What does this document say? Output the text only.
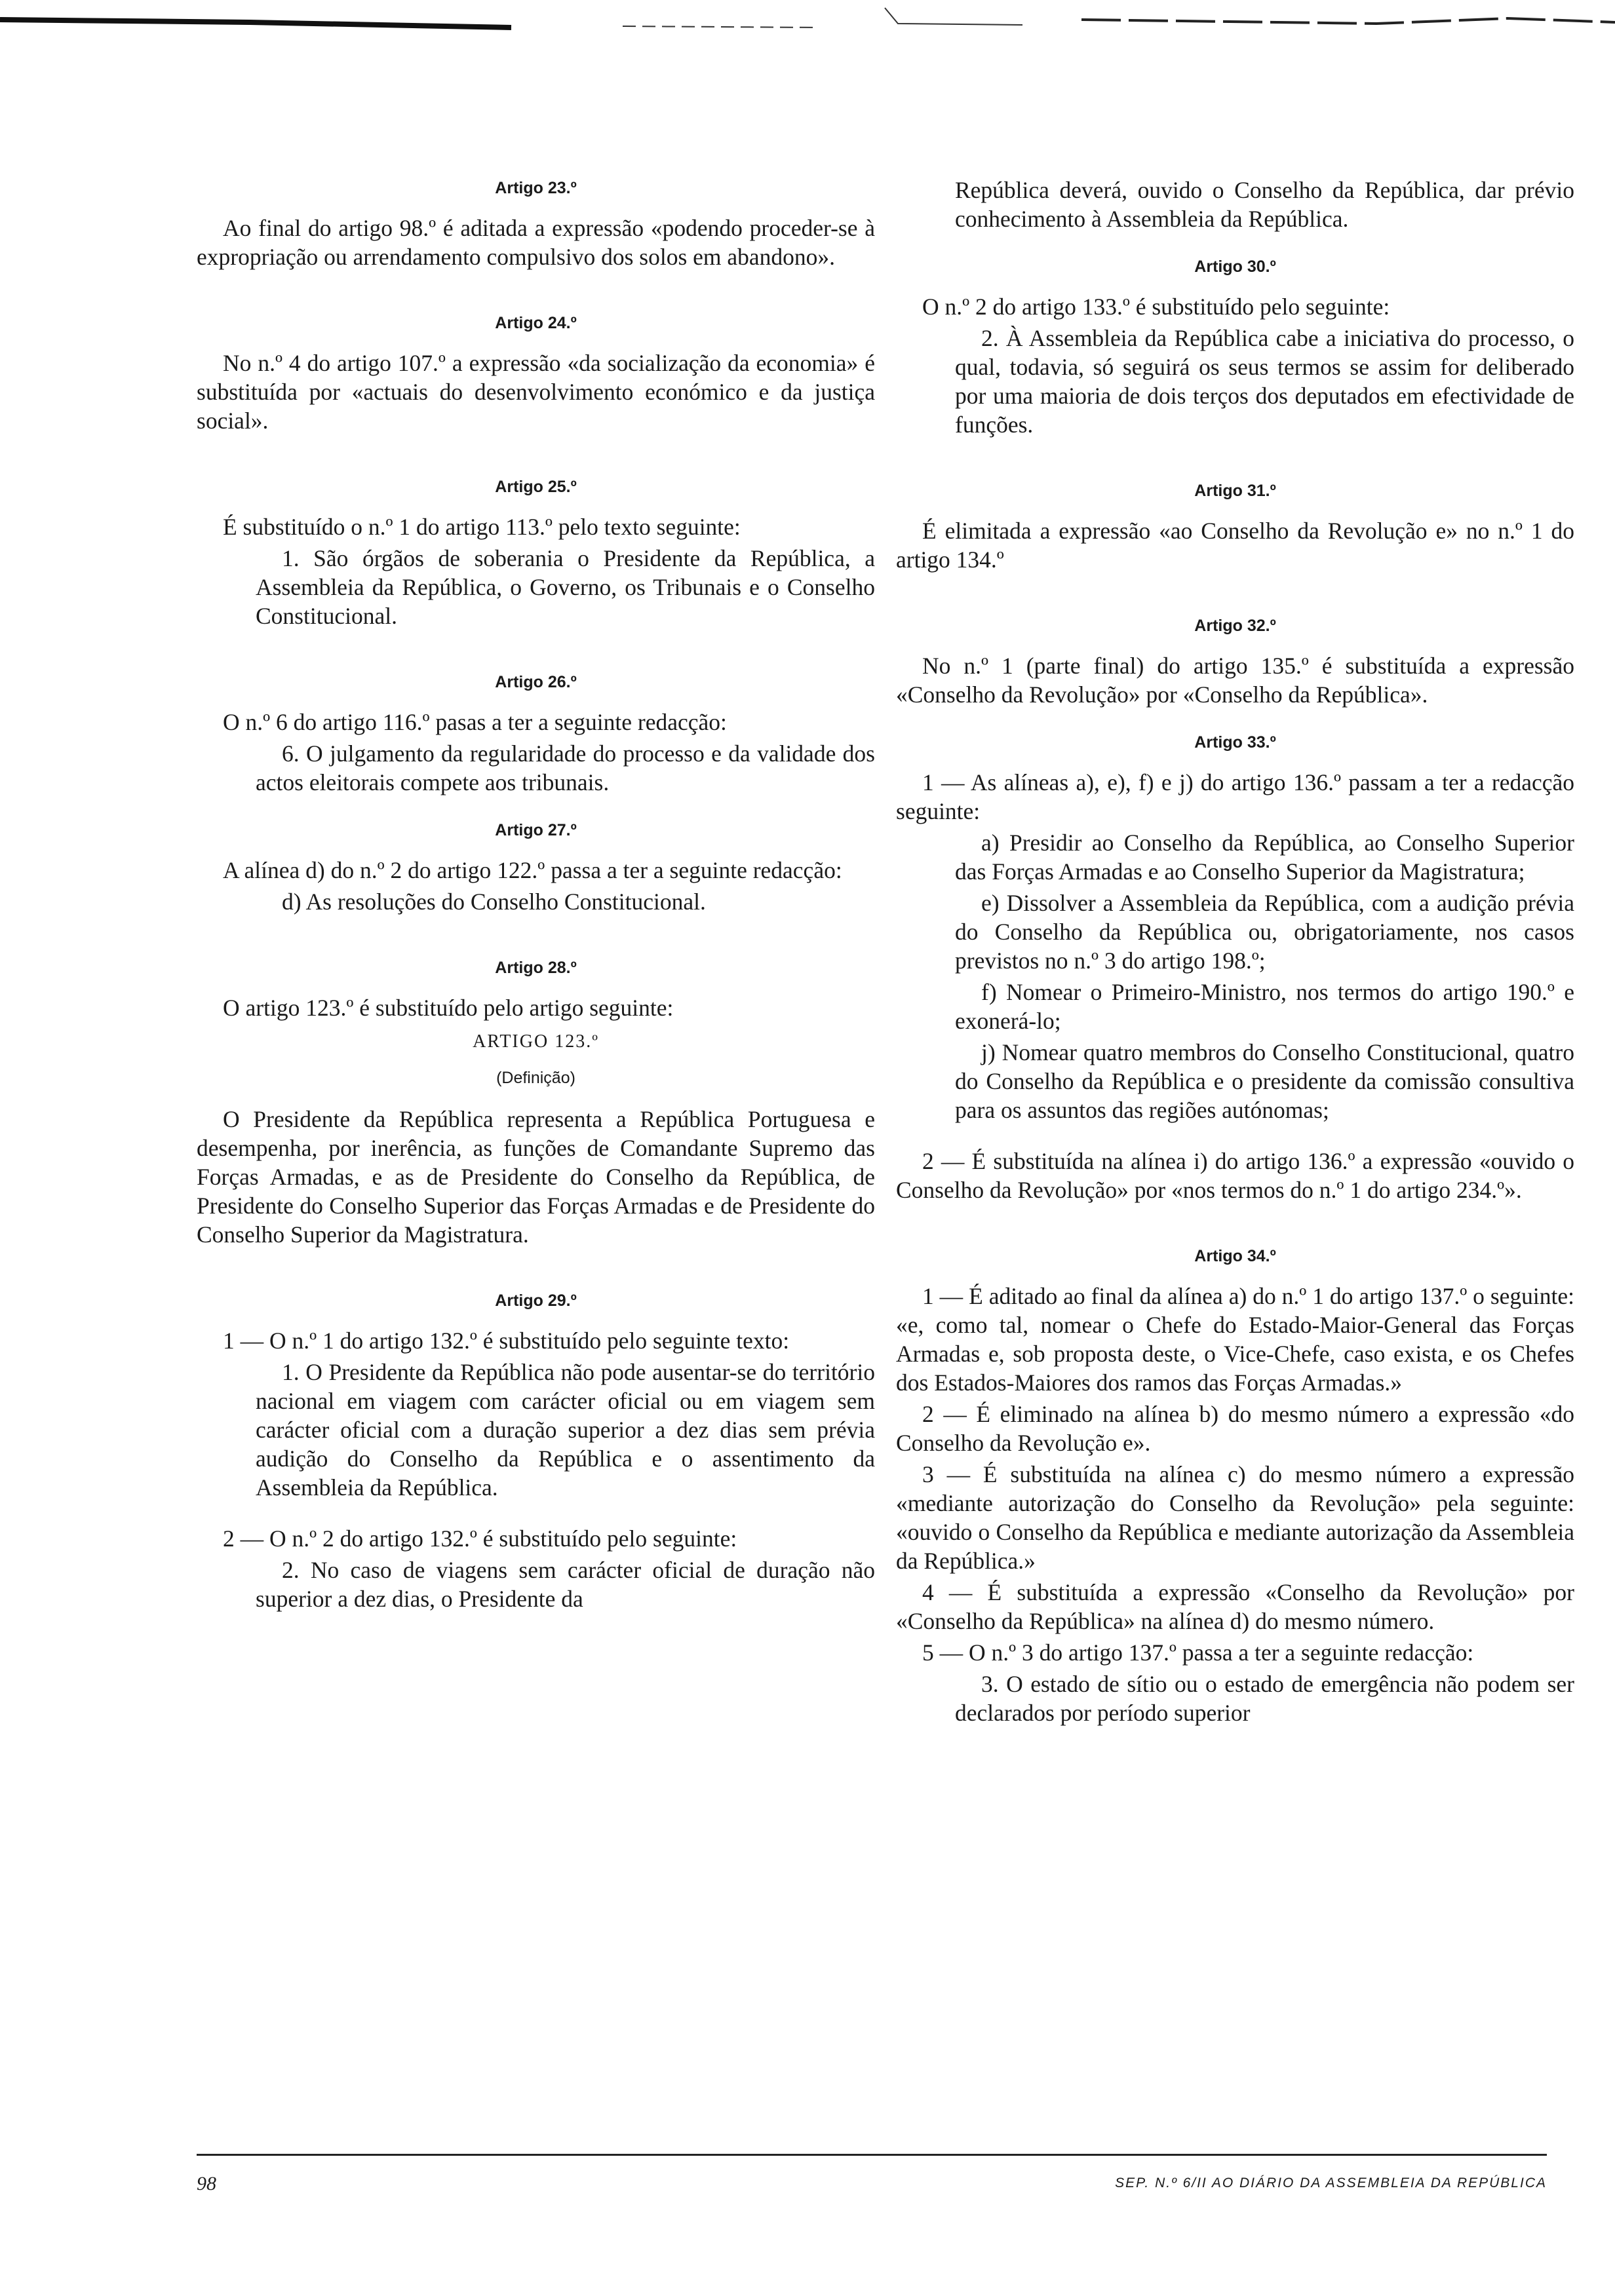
Artigo 23.º

Ao final do artigo 98.º é aditada a expressão «podendo proceder-se à expropriação ou arrendamento compulsivo dos solos em abandono».

Artigo 24.º

No n.º 4 do artigo 107.º a expressão «da socialização da economia» é substituída por «actuais do desenvolvimento económico e da justiça social».

Artigo 25.º

É substituído o n.º 1 do artigo 113.º pelo texto seguinte:

1. São órgãos de soberania o Presidente da República, a Assembleia da República, o Governo, os Tribunais e o Conselho Constitucional.

Artigo 26.º

O n.º 6 do artigo 116.º pasas a ter a seguinte redacção:

6. O julgamento da regularidade do processo e da validade dos actos eleitorais compete aos tribunais.

Artigo 27.º

A alínea d) do n.º 2 do artigo 122.º passa a ter a seguinte redacção:

d) As resoluções do Conselho Constitucional.

Artigo 28.º

O artigo 123.º é substituído pelo artigo seguinte:

ARTIGO 123.º
(Definição)

O Presidente da República representa a República Portuguesa e desempenha, por inerência, as funções de Comandante Supremo das Forças Armadas, e as de Presidente do Conselho da República, de Presidente do Conselho Superior das Forças Armadas e de Presidente do Conselho Superior da Magistratura.

Artigo 29.º

1 — O n.º 1 do artigo 132.º é substituído pelo seguinte texto:

1. O Presidente da República não pode ausentar-se do território nacional em viagem com carácter oficial ou em viagem sem carácter oficial com a duração superior a dez dias sem prévia audição do Conselho da República e o assentimento da Assembleia da República.

2 — O n.º 2 do artigo 132.º é substituído pelo seguinte:

2. No caso de viagens sem carácter oficial de duração não superior a dez dias, o Presidente da

República deverá, ouvido o Conselho da República, dar prévio conhecimento à Assembleia da República.

Artigo 30.º

O n.º 2 do artigo 133.º é substituído pelo seguinte:

2. À Assembleia da República cabe a iniciativa do processo, o qual, todavia, só seguirá os seus termos se assim for deliberado por uma maioria de dois terços dos deputados em efectividade de funções.

Artigo 31.º

É elimitada a expressão «ao Conselho da Revolução e» no n.º 1 do artigo 134.º

Artigo 32.º

No n.º 1 (parte final) do artigo 135.º é substituída a expressão «Conselho da Revolução» por «Conselho da República».

Artigo 33.º

1 — As alíneas a), e), f) e j) do artigo 136.º passam a ter a redacção seguinte:

a) Presidir ao Conselho da República, ao Conselho Superior das Forças Armadas e ao Conselho Superior da Magistratura;

e) Dissolver a Assembleia da República, com a audição prévia do Conselho da República ou, obrigatoriamente, nos casos previstos no n.º 3 do artigo 198.º;

f) Nomear o Primeiro-Ministro, nos termos do artigo 190.º e exonerá-lo;

j) Nomear quatro membros do Conselho Constitucional, quatro do Conselho da República e o presidente da comissão consultiva para os assuntos das regiões autónomas;

2 — É substituída na alínea i) do artigo 136.º a expressão «ouvido o Conselho da Revolução» por «nos termos do n.º 1 do artigo 234.º».

Artigo 34.º

1 — É aditado ao final da alínea a) do n.º 1 do artigo 137.º o seguinte: «e, como tal, nomear o Chefe do Estado-Maior-General das Forças Armadas e, sob proposta deste, o Vice-Chefe, caso exista, e os Chefes dos Estados-Maiores dos ramos das Forças Armadas.»

2 — É eliminado na alínea b) do mesmo número a expressão «do Conselho da Revolução e».

3 — É substituída na alínea c) do mesmo número a expressão «mediante autorização do Conselho da Revolução» pela seguinte: «ouvido o Conselho da República e mediante autorização da Assembleia da República.»

4 — É substituída a expressão «Conselho da Revolução» por «Conselho da República» na alínea d) do mesmo número.

5 — O n.º 3 do artigo 137.º passa a ter a seguinte redacção:

3. O estado de sítio ou o estado de emergência não podem ser declarados por período superior

98	SEP. N.º 6/II AO DIÁRIO DA ASSEMBLEIA DA REPÚBLICA
